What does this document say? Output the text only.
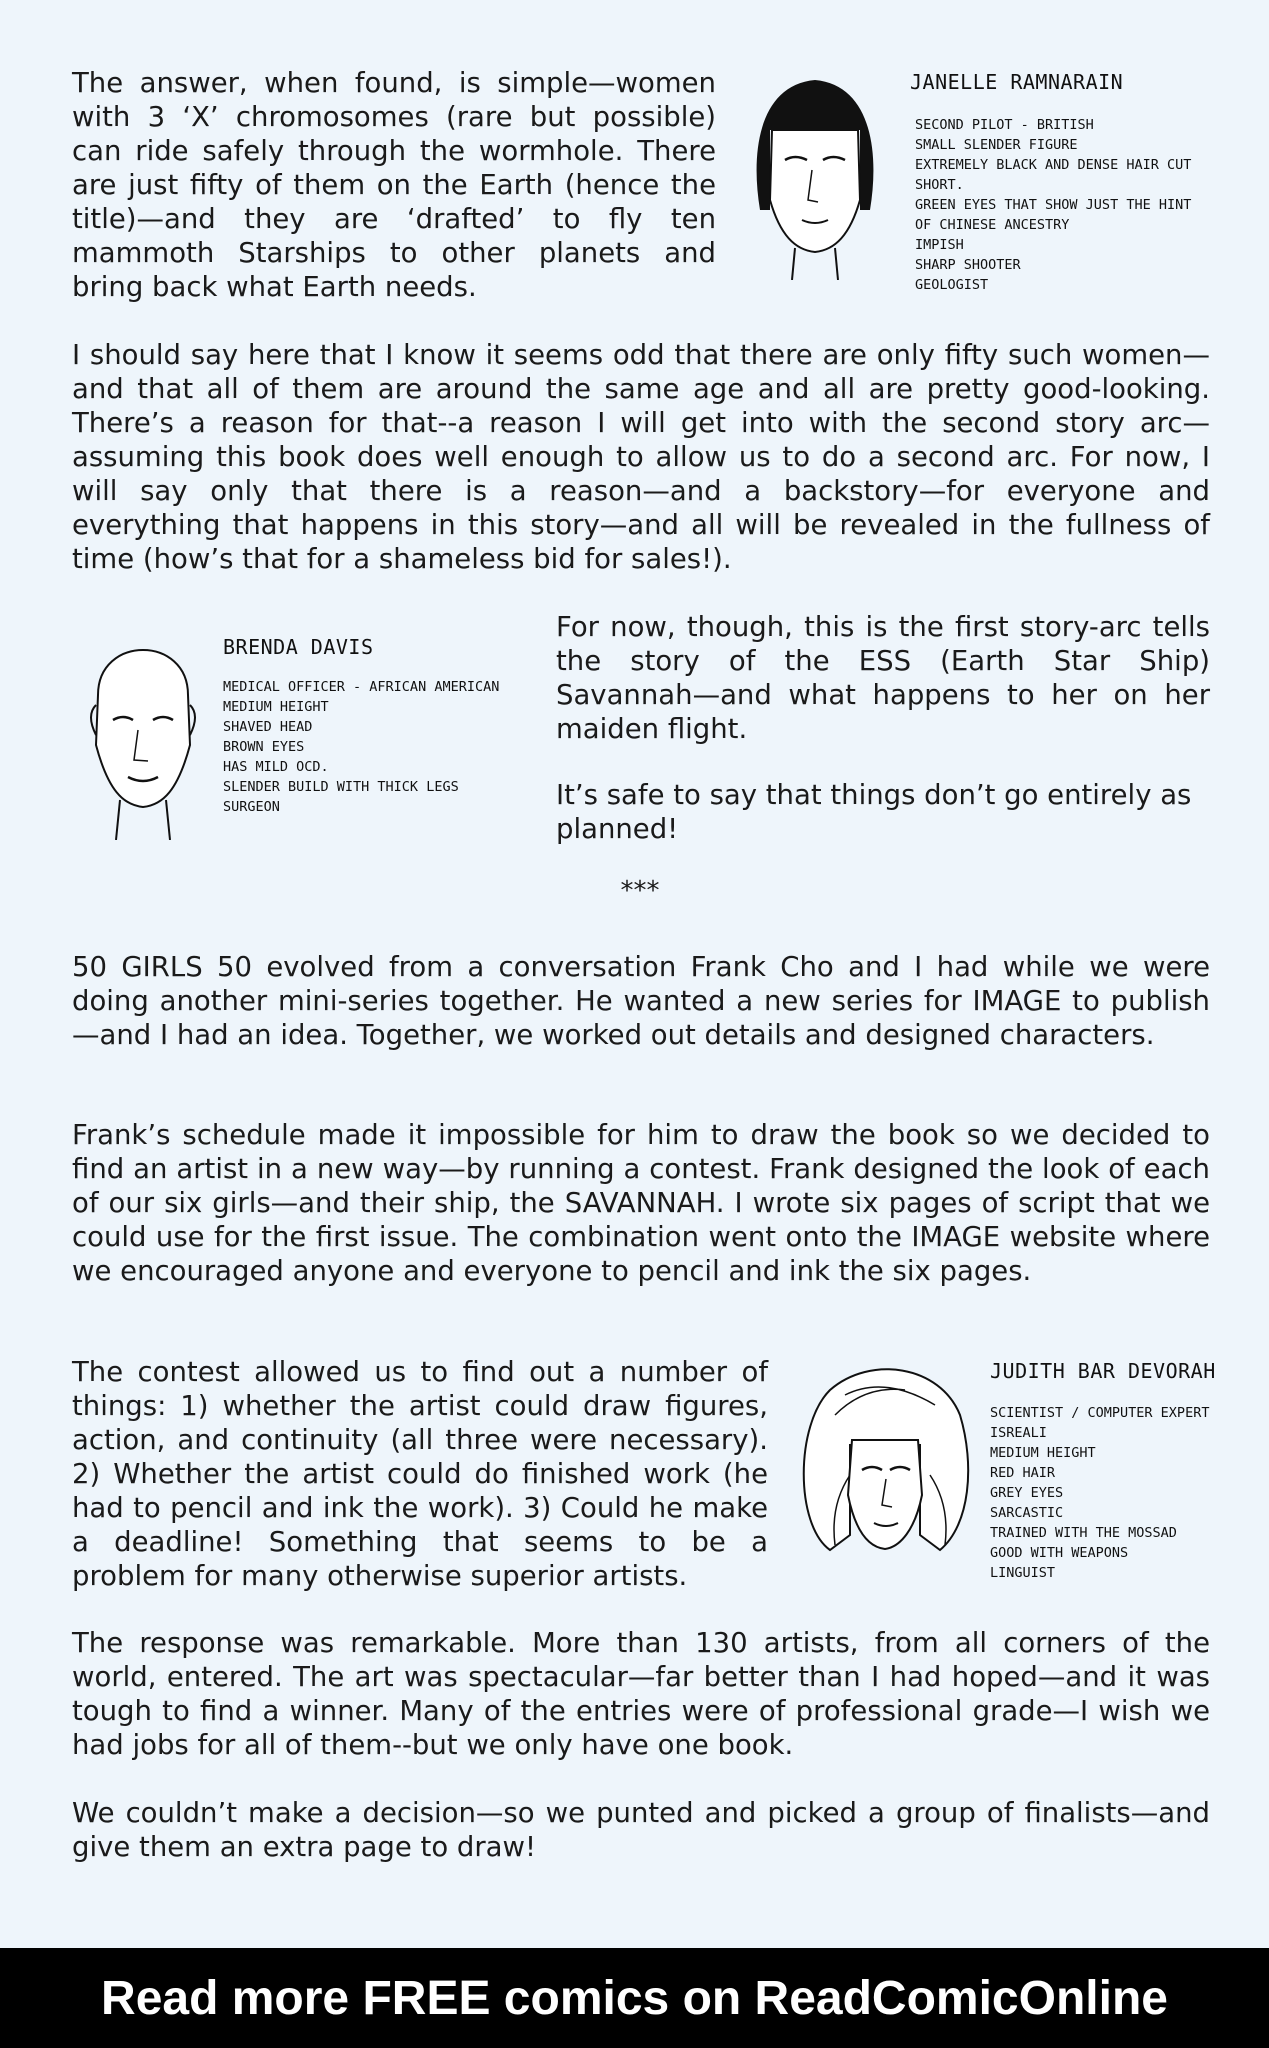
The answer, when found, is simple—women with 3 ‘X’ chromosomes (rare but possible) can ride safely through the wormhole. There are just fifty of them on the Earth (hence the title)—and they are ‘drafted’ to fly ten mammoth Starships to other planets and bring back what Earth needs.

JANELLE RAMNARAIN
SECOND PILOT - BRITISH
SMALL SLENDER FIGURE
EXTREMELY BLACK AND DENSE HAIR CUT
SHORT.
GREEN EYES THAT SHOW JUST THE HINT
OF CHINESE ANCESTRY
IMPISH
SHARP SHOOTER
GEOLOGIST

I should say here that I know it seems odd that there are only fifty such women—and that all of them are around the same age and all are pretty good-looking. There’s a reason for that--a reason I will get into with the second story arc—assuming this book does well enough to allow us to do a second arc. For now, I will say only that there is a reason—and a backstory—for everyone and everything that happens in this story—and all will be revealed in the fullness of time (how’s that for a shameless bid for sales!).

BRENDA DAVIS
MEDICAL OFFICER - AFRICAN AMERICAN
MEDIUM HEIGHT
SHAVED HEAD
BROWN EYES
HAS MILD OCD.
SLENDER BUILD WITH THICK LEGS
SURGEON

For now, though, this is the first story-arc tells the story of the ESS (Earth Star Ship) Savannah—and what happens to her on her maiden flight.

It’s safe to say that things don’t go entirely as planned!

***

50 GIRLS 50 evolved from a conversation Frank Cho and I had while we were doing another mini-series together. He wanted a new series for IMAGE to publish—and I had an idea. Together, we worked out details and designed characters.

Frank’s schedule made it impossible for him to draw the book so we decided to find an artist in a new way—by running a contest. Frank designed the look of each of our six girls—and their ship, the SAVANNAH. I wrote six pages of script that we could use for the first issue. The combination went onto the IMAGE website where we encouraged anyone and everyone to pencil and ink the six pages.

The contest allowed us to find out a number of things: 1) whether the artist could draw figures, action, and continuity (all three were necessary). 2) Whether the artist could do finished work (he had to pencil and ink the work). 3) Could he make a deadline! Something that seems to be a problem for many otherwise superior artists.

JUDITH BAR DEVORAH
SCIENTIST / COMPUTER EXPERT
ISREALI
MEDIUM HEIGHT
RED HAIR
GREY EYES
SARCASTIC
TRAINED WITH THE MOSSAD
GOOD WITH WEAPONS
LINGUIST

The response was remarkable. More than 130 artists, from all corners of the world, entered. The art was spectacular—far better than I had hoped—and it was tough to find a winner. Many of the entries were of professional grade—I wish we had jobs for all of them--but we only have one book.

We couldn’t make a decision—so we punted and picked a group of finalists—and give them an extra page to draw!

Read more FREE comics on ReadComicOnline
